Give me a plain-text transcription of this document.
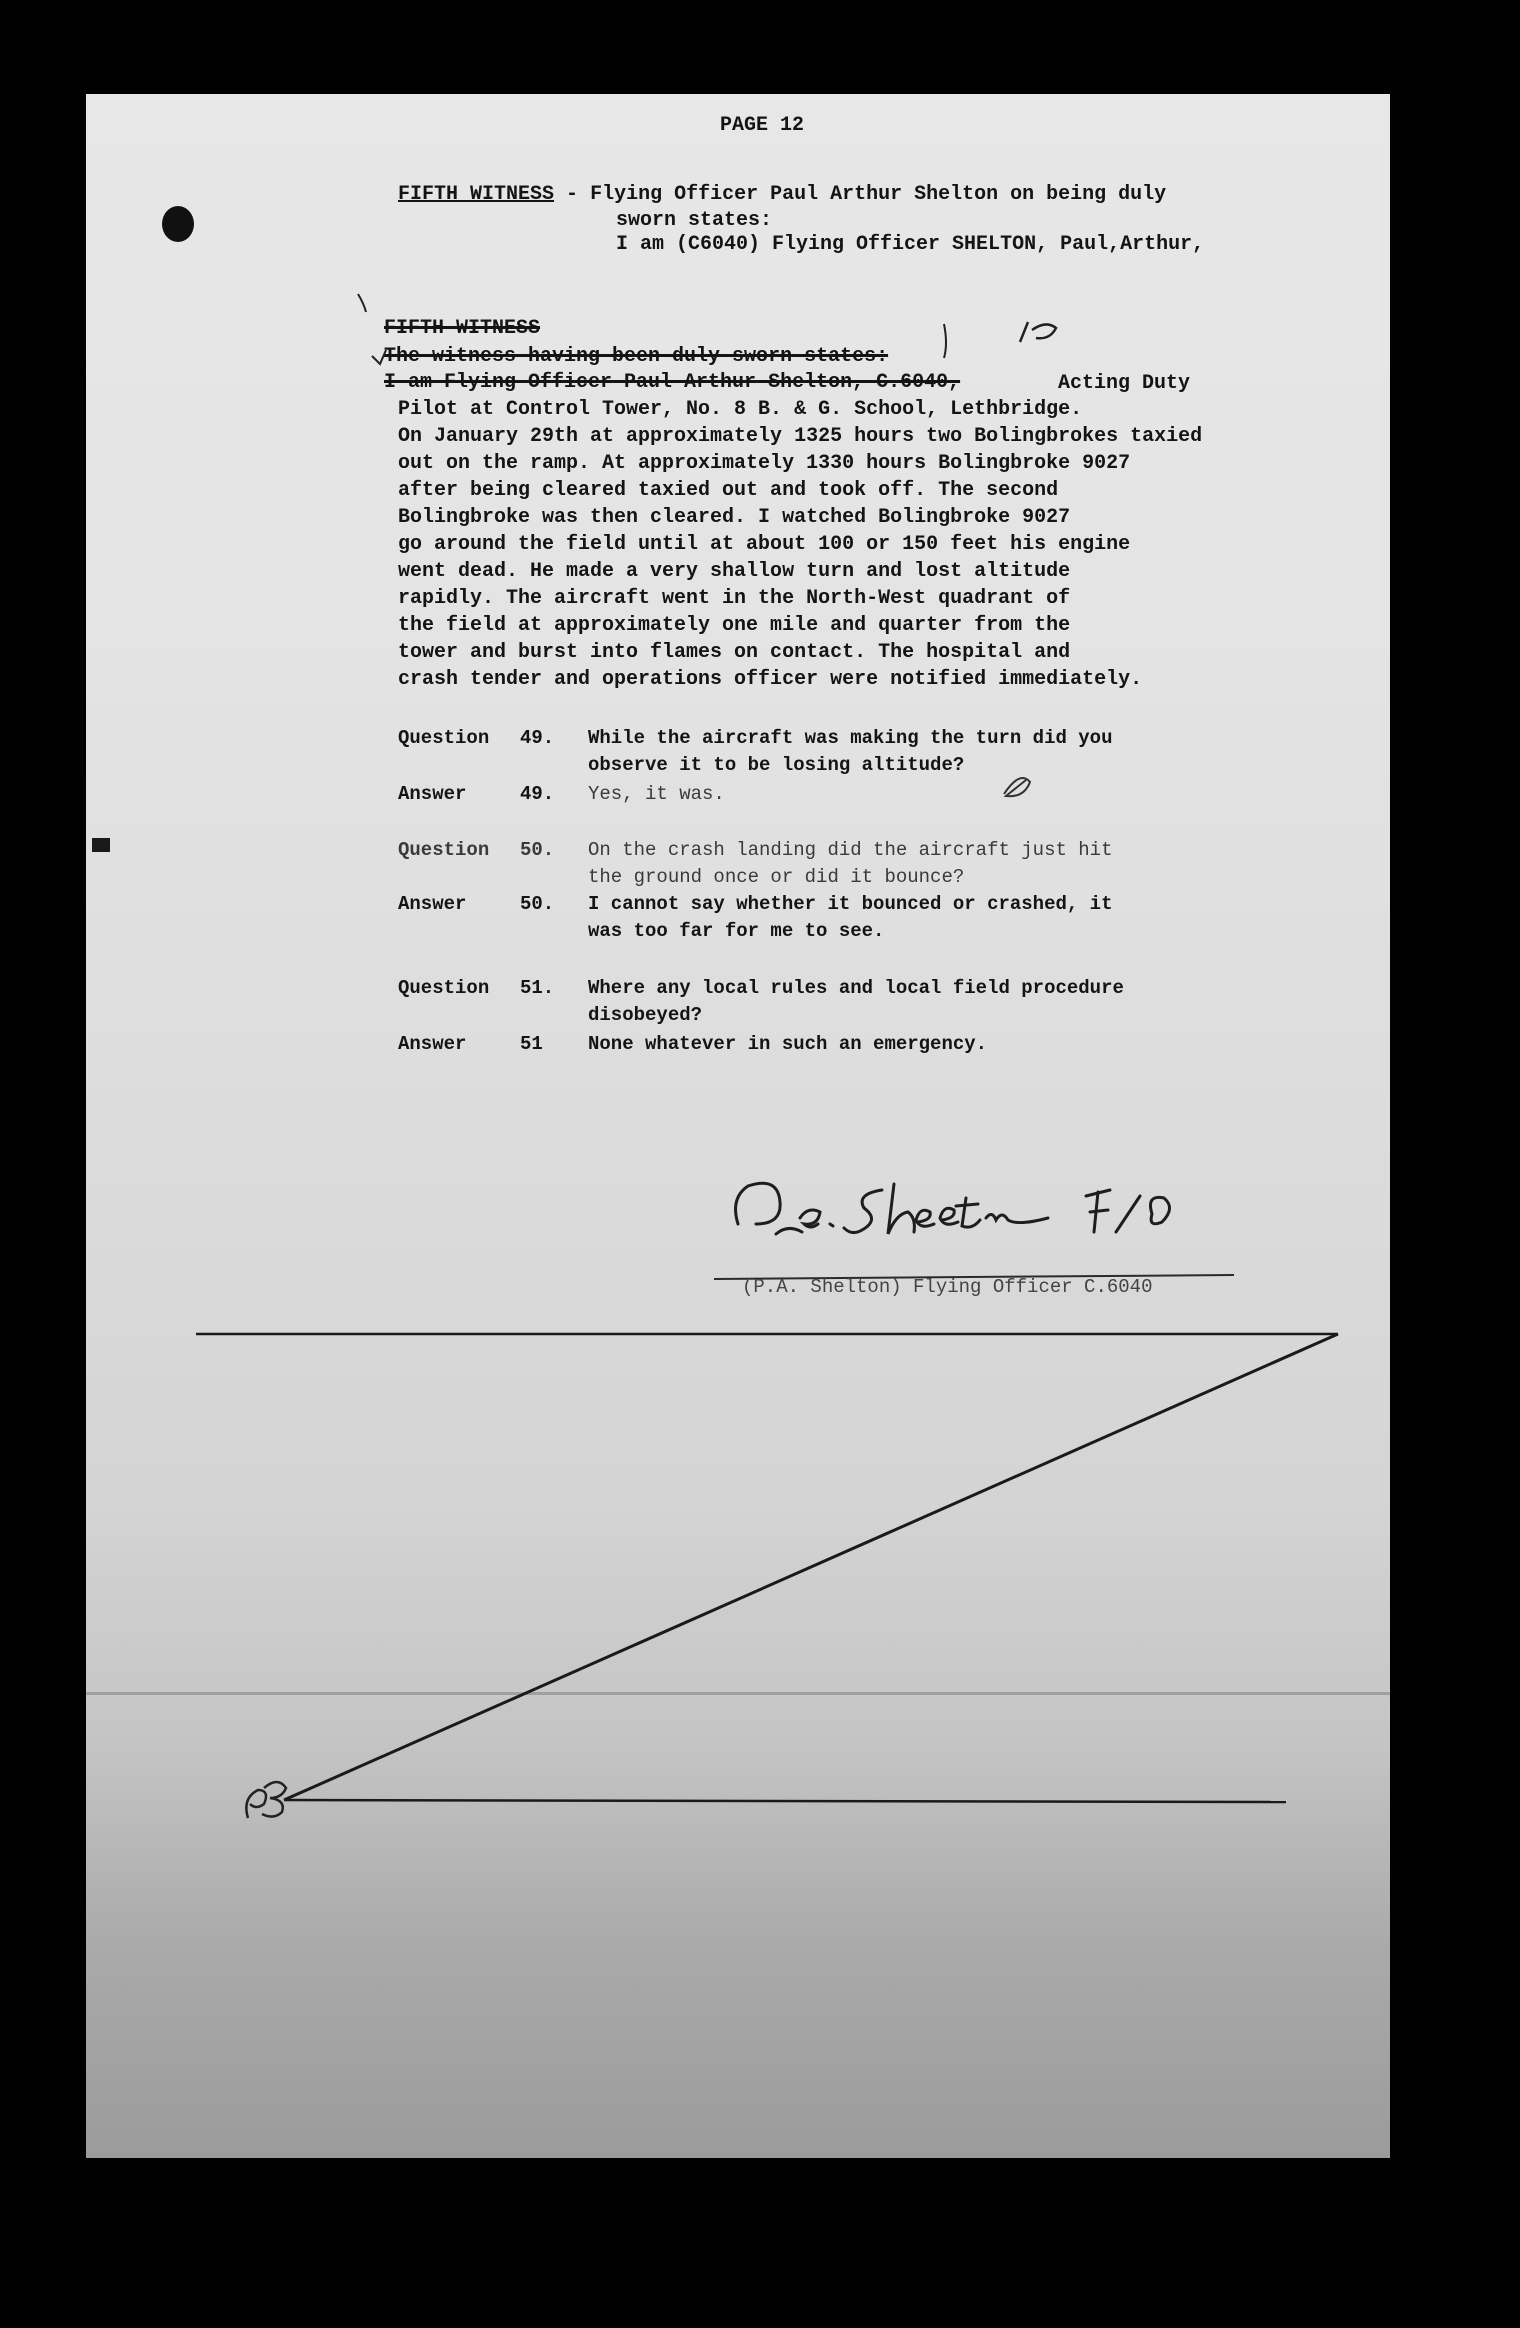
PAGE 12

FIFTH WITNESS - Flying Officer Paul Arthur Shelton on being duly

sworn states:

I am (C6040) Flying Officer SHELTON, Paul,Arthur,

FIFTH WITNESS

The witness having been duly sworn states:

I am Flying Officer Paul Arthur Shelton, C.6040,	Acting Duty

Pilot at Control Tower, No. 8 B. & G. School, Lethbridge.

On January 29th at approximately 1325 hours two Bolingbrokes taxied

out on the ramp. At approximately 1330 hours Bolingbroke 9027

after being cleared taxied out and took off. The second

Bolingbroke was then cleared. I watched Bolingbroke 9027

go around the field until at about 100 or 150 feet his engine

went dead. He made a very shallow turn and lost altitude

rapidly. The aircraft went in the North-West quadrant of

the field at approximately one mile and quarter from the

tower and burst into flames on contact. The hospital and

crash tender and operations officer were notified immediately.

Question 49. While the aircraft was making the turn did you

observe it to be losing altitude?

Answer	49. Yes, it was.

Question 50. On the crash landing did the aircraft just hit

the ground once or did it bounce?

Answer	50. I cannot say whether it bounced or crashed, it

was too far for me to see.

Question 51. Where any local rules and local field procedure

disobeyed?

Answer	51 None whatever in such an emergency.

(P.A. Shelton) Flying Officer C.6040
